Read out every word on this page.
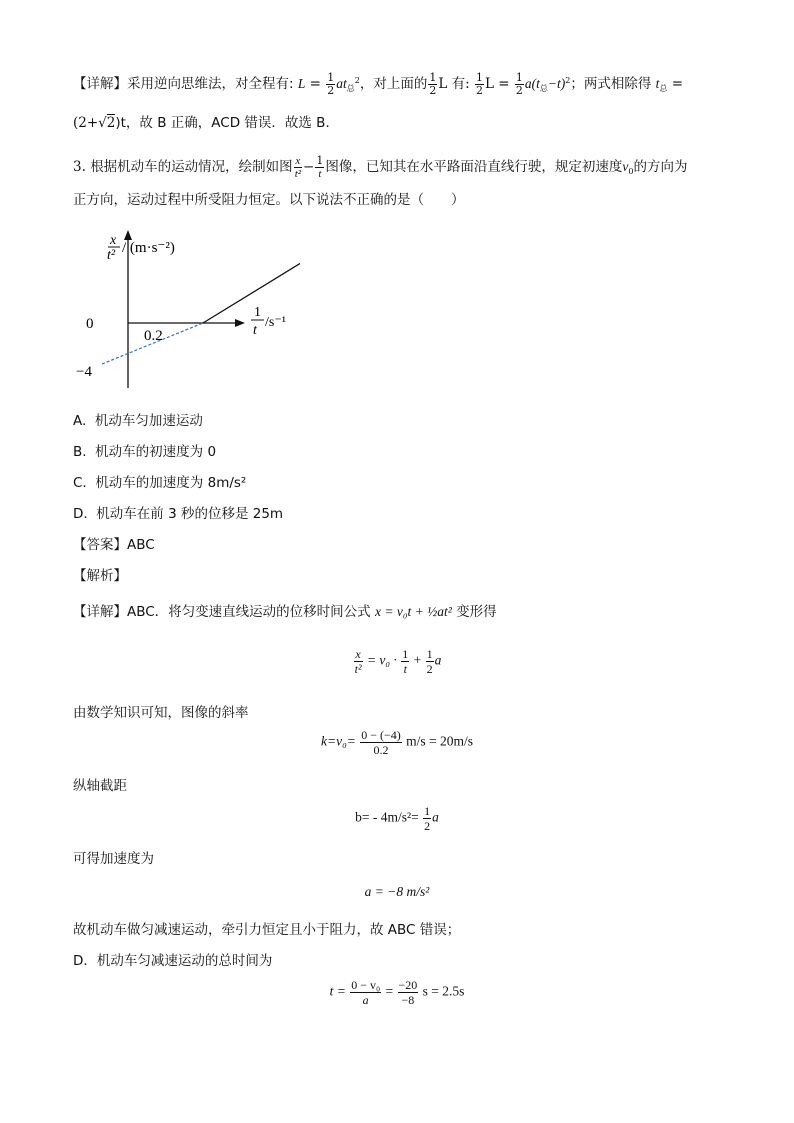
【详解】采用逆向思维法，对全程有: $L = \frac{1}{2} at_总^2$，对上面的 $\frac{1}{2}$ L 有: $\frac{1}{2}$ $L = \frac{1}{2} a(t_总-t)^2$；两式相除得 $t_总$ =
(2+√2)t，故 B 正确，ACD 错误．故选 B．
3. 根据机动车的运动情况，绘制如图 $\frac{x}{\text{t²}} - \frac{1}{t}$ 图像，已知其在水平路面沿直线行驶，规定初速度$v_0$的方向为
正方向，运动过程中所受阻力恒定。以下说法不正确的是（　　）
x
t² / (m·s⁻²)
1
t
/s⁻¹
0
0.2
−4
A. 机动车匀加速运动
B. 机动车的初速度为 0
C. 机动车的加速度为 8m/s²
D. 机动车在前 3 秒的位移是 25m
【答案】ABC
【解析】
【详解】ABC．将匀变速直线运动的位移时间公式 x = v₀t + ½at² 变形得
$\frac{x}{\text{t²}} = v_0 \cdot \frac{1}{t} + \frac{1}{2}$ a
由数学知识可知，图像的斜率
$k=v_0= \frac{0 - (-4)}{0.2} m/s = 20m/s$
纵轴截距
$b= - 4m/s^2= \frac{1}{2}$ a
可得加速度为
a = −8 m/s²
故机动车做匀减速运动，牵引力恒定且小于阻力，故 ABC 错误；
D．机动车匀减速运动的总时间为
$t = \frac{\text{0 − v₀}}{a} = \frac{-20}{-8}$ s = 2.5s
